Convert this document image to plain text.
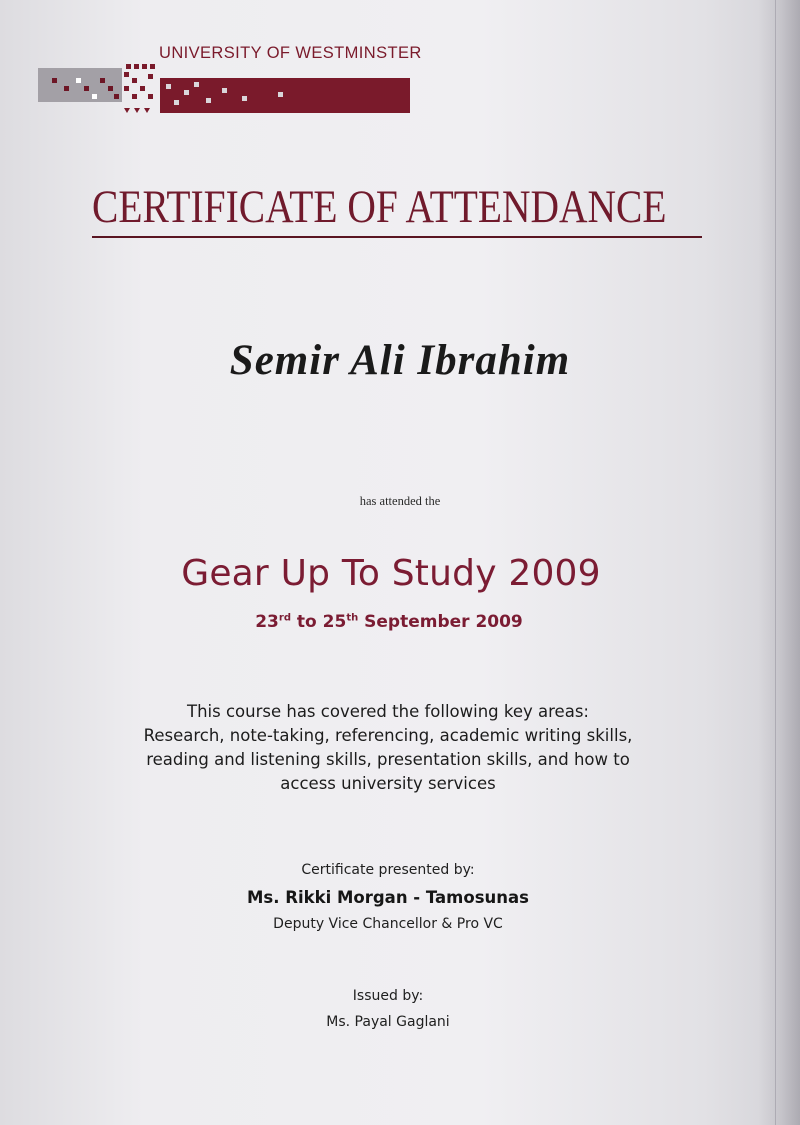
UNIVERSITY OF WESTMINSTER
CERTIFICATE OF ATTENDANCE
Semir Ali Ibrahim
has attended the
Gear Up To Study 2009
23rd to 25th September 2009
This course has covered the following key areas:
Research, note-taking, referencing, academic writing skills,
reading and listening skills, presentation skills, and how to
access university services
Certificate presented by:
Ms. Rikki Morgan - Tamosunas
Deputy Vice Chancellor & Pro VC
Issued by:
Ms. Payal Gaglani
